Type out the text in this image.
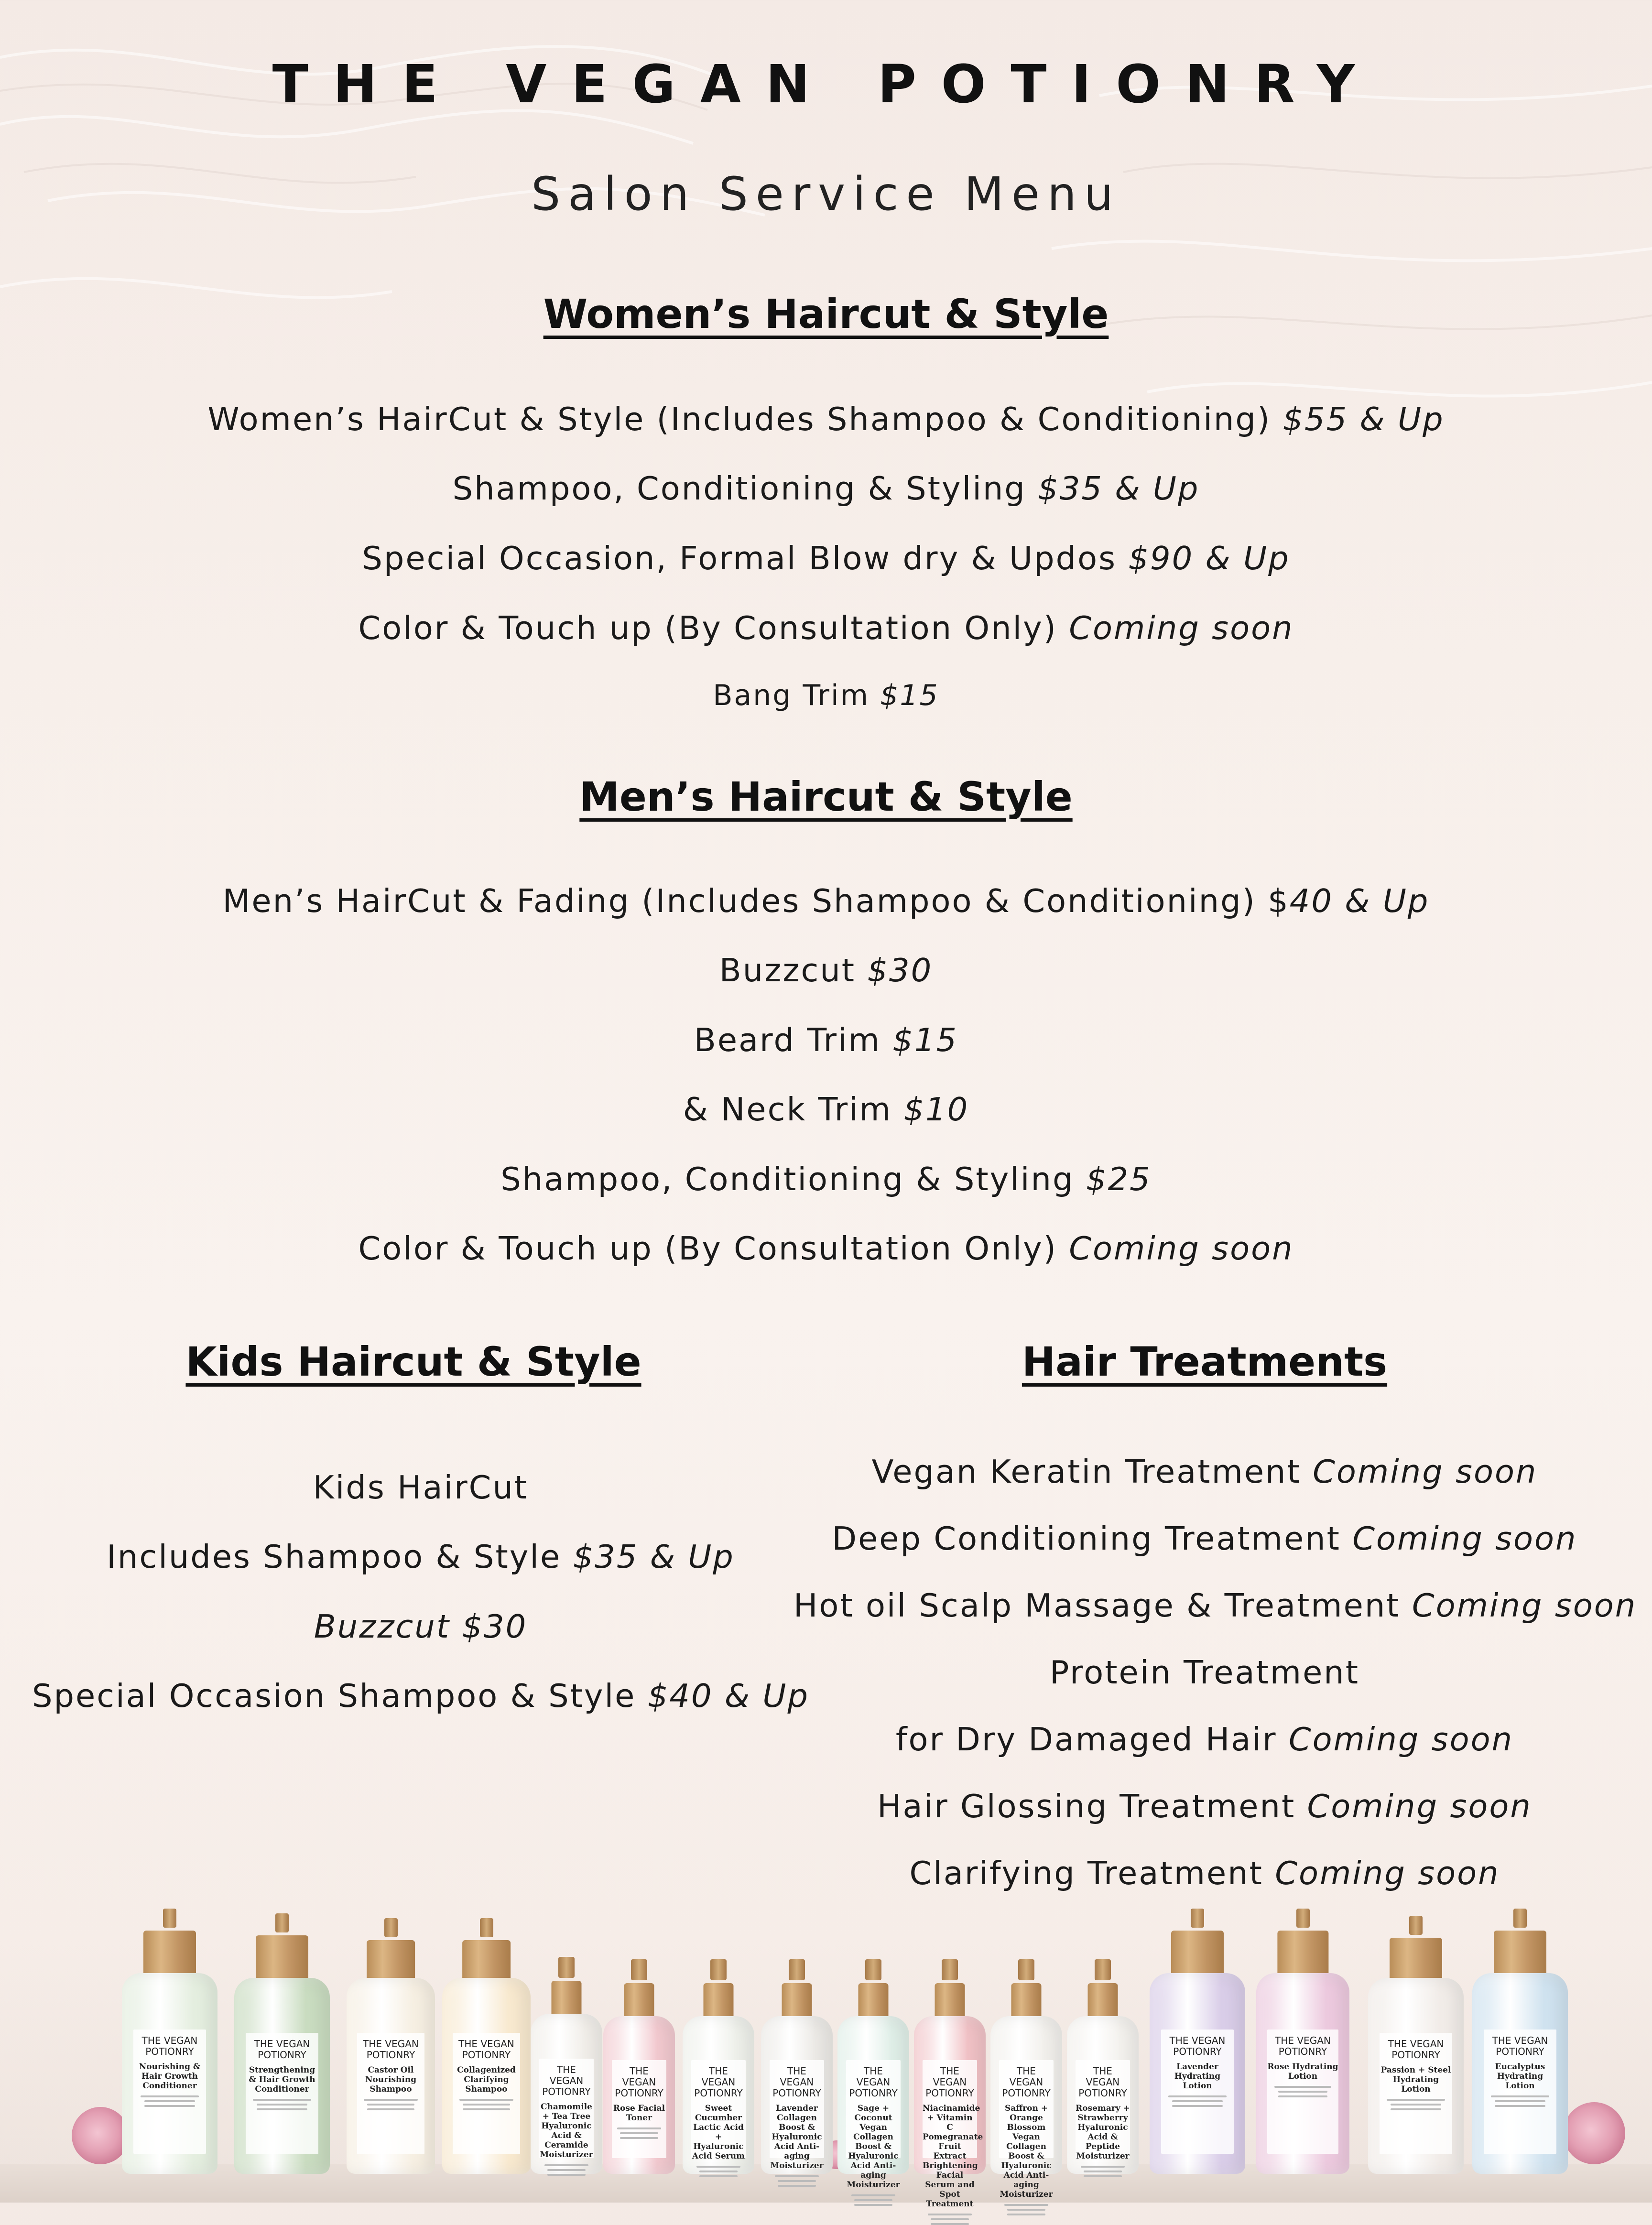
THE VEGAN POTIONRY
Salon Service Menu
Women’s Haircut & Style
Women’s HairCut & Style (Includes Shampoo & Conditioning) $55 & Up
Shampoo, Conditioning & Styling $35 & Up
Special Occasion, Formal Blow dry & Updos $90 & Up
Color & Touch up (By Consultation Only) Coming soon
Bang Trim $15
Men’s Haircut & Style
Men’s HairCut & Fading (Includes Shampoo & Conditioning) $40 & Up
Buzzcut $30
Beard Trim $15
& Neck Trim $10
Shampoo, Conditioning & Styling $25
Color & Touch up (By Consultation Only) Coming soon
Kids Haircut & Style
Kids HairCut
Includes Shampoo & Style $35 & Up
Buzzcut $30
Special Occasion Shampoo & Style $40 & Up
Hair Treatments
Vegan Keratin Treatment Coming soon
Deep Conditioning Treatment Coming soon
Hot oil Scalp Massage & Treatment Coming soon
Protein Treatment
for Dry Damaged Hair Coming soon
Hair Glossing Treatment Coming soon
Clarifying Treatment Coming soon
THE VEGAN POTIONRY
Nourishing & Hair Growth Conditioner
THE VEGAN POTIONRY
Strengthening & Hair Growth Conditioner
THE VEGAN POTIONRY
Castor Oil Nourishing Shampoo
THE VEGAN POTIONRY
Collagenized Clarifying Shampoo
THE VEGAN POTIONRY
Chamomile + Tea Tree Hyaluronic Acid & Ceramide Moisturizer
THE VEGAN POTIONRY
Rose Facial Toner
THE VEGAN POTIONRY
Sweet Cucumber Lactic Acid + Hyaluronic Acid Serum
THE VEGAN POTIONRY
Lavender Collagen Boost & Hyaluronic Acid Anti-aging Moisturizer
THE VEGAN POTIONRY
Sage + Coconut Vegan Collagen Boost & Hyaluronic Acid Anti-aging Moisturizer
THE VEGAN POTIONRY
Niacinamide + Vitamin C Pomegranate Fruit Extract Brightening Facial Serum and Spot Treatment
THE VEGAN POTIONRY
Saffron + Orange Blossom Vegan Collagen Boost & Hyaluronic Acid Anti-aging Moisturizer
THE VEGAN POTIONRY
Rosemary + Strawberry Hyaluronic Acid & Peptide Moisturizer
THE VEGAN POTIONRY
Lavender Hydrating Lotion
THE VEGAN POTIONRY
Rose Hydrating Lotion
THE VEGAN POTIONRY
Passion + Steel Hydrating Lotion
THE VEGAN POTIONRY
Eucalyptus Hydrating Lotion
